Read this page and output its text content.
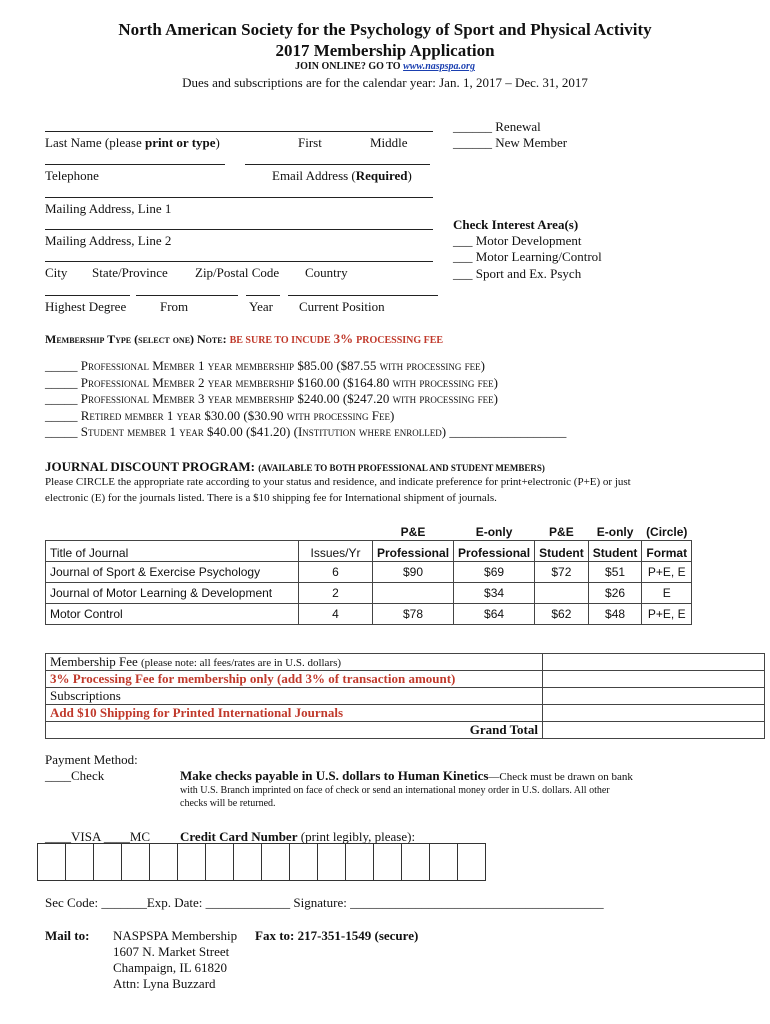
North American Society for the Psychology of Sport and Physical Activity
2017 Membership Application
JOIN ONLINE? GO TO www.naspspa.org
Dues and subscriptions are for the calendar year: Jan. 1, 2017 – Dec. 31, 2017
Last Name (please print or type)	First	Middle
Telephone	Email Address (Required)
Mailing Address, Line 1
Mailing Address, Line 2
City State/Province Zip/Postal Code Country
Highest Degree	From	Year Current Position
______ Renewal
______ New Member
Check Interest Area(s)
___ Motor Development
___ Motor Learning/Control
___ Sport and Ex. Psych
Membership Type (select one) Note: BE SURE TO INCUDE 3% PROCESSING FEE
_____ Professional Member 1 year membership $85.00 ($87.55 with processing fee)
_____ Professional Member 2 year membership $160.00 ($164.80 with processing fee)
_____ Professional Member 3 year membership $240.00 ($247.20 with processing fee)
_____ Retired member 1 year $30.00 ($30.90 with processing Fee)
_____ Student member 1 year $40.00 ($41.20) (Institution where enrolled) __________________
JOURNAL DISCOUNT PROGRAM: (AVAILABLE TO BOTH PROFESSIONAL AND STUDENT MEMBERS)
Please CIRCLE the appropriate rate according to your status and residence, and indicate preference for print+electronic (P+E) or just electronic (E) for the journals listed. There is a $10 shipping fee for International shipment of journals.
		P&E	E-only	P&E	E-only	(Circle)
Title of Journal	Issues/Yr	Professional	Professional	Student	Student	Format
Journal of Sport & Exercise Psychology	6	$90	$69	$72	$51	P+E, E
Journal of Motor Learning & Development	2		$34		$26	E
Motor Control	4	$78	$64	$62	$48	P+E, E
Membership Fee (please note: all fees/rates are in U.S. dollars)	
3% Processing Fee for membership only (add 3% of transaction amount)	
Subscriptions	
Add $10 Shipping for Printed International Journals	
Grand Total	
Payment Method:
____Check	Make checks payable in U.S. dollars to Human Kinetics—Check must be drawn on bank
with U.S. Branch imprinted on face of check or send an international money order in U.S. dollars. All other
checks will be returned.
____VISA ____MC Credit Card Number (print legibly, please):
Sec Code: _______Exp. Date: _____________ Signature: _______________________________________
Mail to: NASPSPA Membership
1607 N. Market Street
Champaign, IL 61820
Attn: Lyna Buzzard
Fax to: 217-351-1549 (secure)
